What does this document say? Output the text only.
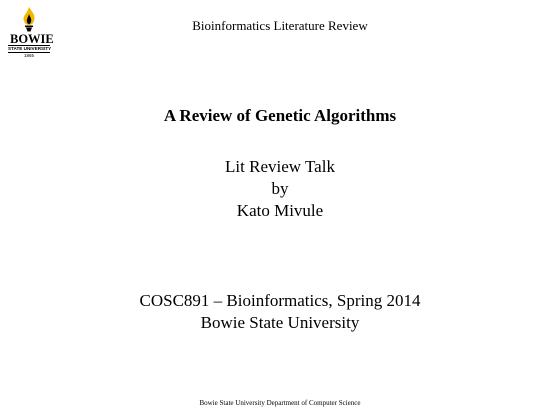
BOWIE
STATE UNIVERSITY
1865
Bioinformatics Literature Review
A Review of Genetic Algorithms
Lit Review Talk
by
Kato Mivule
COSC891 – Bioinformatics, Spring 2014
Bowie State University
Bowie State University Department of Computer Science
